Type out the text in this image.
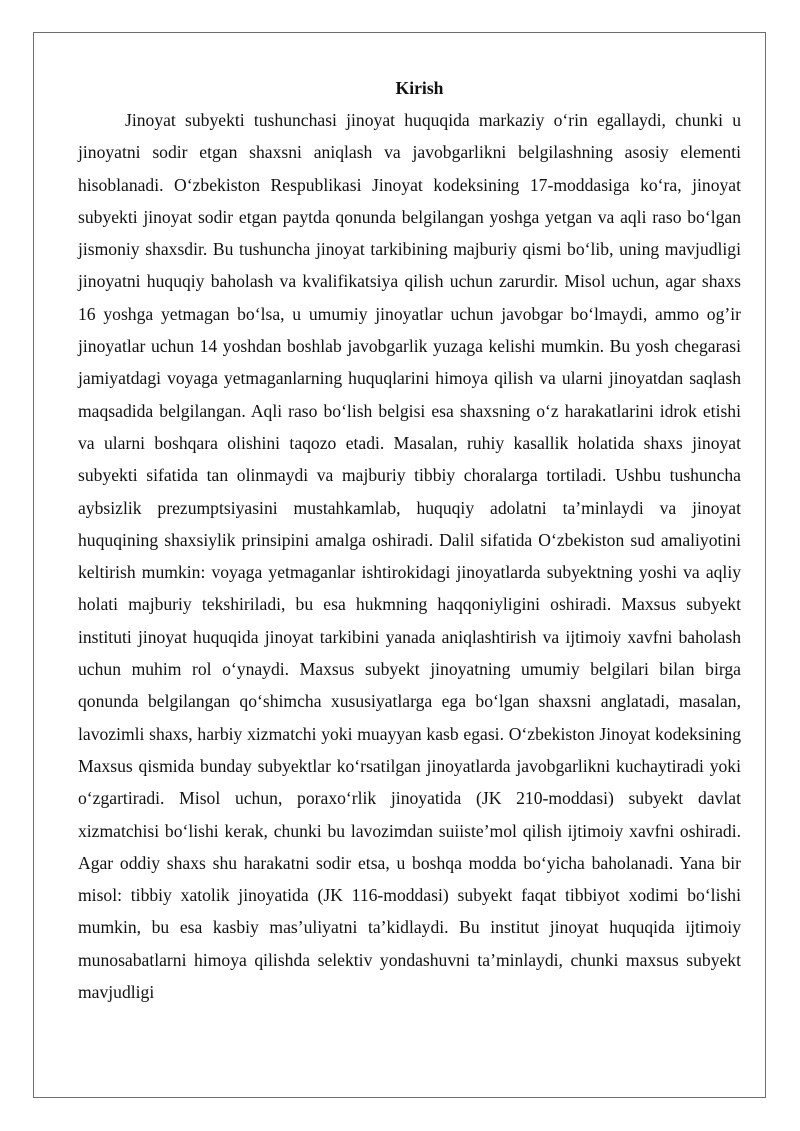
Kirish

Jinoyat subyekti tushunchasi jinoyat huquqida markaziy o‘rin egallaydi, chunki u jinoyatni sodir etgan shaxsni aniqlash va javobgarlikni belgilashning asosiy elementi hisoblanadi. O‘zbekiston Respublikasi Jinoyat kodeksining 17-moddasiga ko‘ra, jinoyat subyekti jinoyat sodir etgan paytda qonunda belgilangan yoshga yetgan va aqli raso bo‘lgan jismoniy shaxsdir. Bu tushuncha jinoyat tarkibining majburiy qismi bo‘lib, uning mavjudligi jinoyatni huquqiy baholash va kvalifikatsiya qilish uchun zarurdir. Misol uchun, agar shaxs 16 yoshga yetmagan bo‘lsa, u umumiy jinoyatlar uchun javobgar bo‘lmaydi, ammo og’ir jinoyatlar uchun 14 yoshdan boshlab javobgarlik yuzaga kelishi mumkin. Bu yosh chegarasi jamiyatdagi voyaga yetmaganlarning huquqlarini himoya qilish va ularni jinoyatdan saqlash maqsadida belgilangan. Aqli raso bo‘lish belgisi esa shaxsning o‘z harakatlarini idrok etishi va ularni boshqara olishini taqozo etadi. Masalan, ruhiy kasallik holatida shaxs jinoyat subyekti sifatida tan olinmaydi va majburiy tibbiy choralarga tortiladi. Ushbu tushuncha aybsizlik prezumptsiyasini mustahkamlab, huquqiy adolatni ta’minlaydi va jinoyat huquqining shaxsiylik prinsipini amalga oshiradi. Dalil sifatida O‘zbekiston sud amaliyotini keltirish mumkin: voyaga yetmaganlar ishtirokidagi jinoyatlarda subyektning yoshi va aqliy holati majburiy tekshiriladi, bu esa hukmning haqqoniyligini oshiradi. Maxsus subyekt instituti jinoyat huquqida jinoyat tarkibini yanada aniqlashtirish va ijtimoiy xavfni baholash uchun muhim rol o‘ynaydi. Maxsus subyekt jinoyatning umumiy belgilari bilan birga qonunda belgilangan qo‘shimcha xususiyatlarga ega bo‘lgan shaxsni anglatadi, masalan, lavozimli shaxs, harbiy xizmatchi yoki muayyan kasb egasi. O‘zbekiston Jinoyat kodeksining Maxsus qismida bunday subyektlar ko‘rsatilgan jinoyatlarda javobgarlikni kuchaytiradi yoki o‘zgartiradi. Misol uchun, poraxo‘rlik jinoyatida (JK 210-moddasi) subyekt davlat xizmatchisi bo‘lishi kerak, chunki bu lavozimdan suiiste’mol qilish ijtimoiy xavfni oshiradi. Agar oddiy shaxs shu harakatni sodir etsa, u boshqa modda bo‘yicha baholanadi. Yana bir misol: tibbiy xatolik jinoyatida (JK 116-moddasi) subyekt faqat tibbiyot xodimi bo‘lishi mumkin, bu esa kasbiy mas’uliyatni ta’kidlaydi. Bu institut jinoyat huquqida ijtimoiy munosabatlarni himoya qilishda selektiv yondashuvni ta’minlaydi, chunki maxsus subyekt mavjudligi
